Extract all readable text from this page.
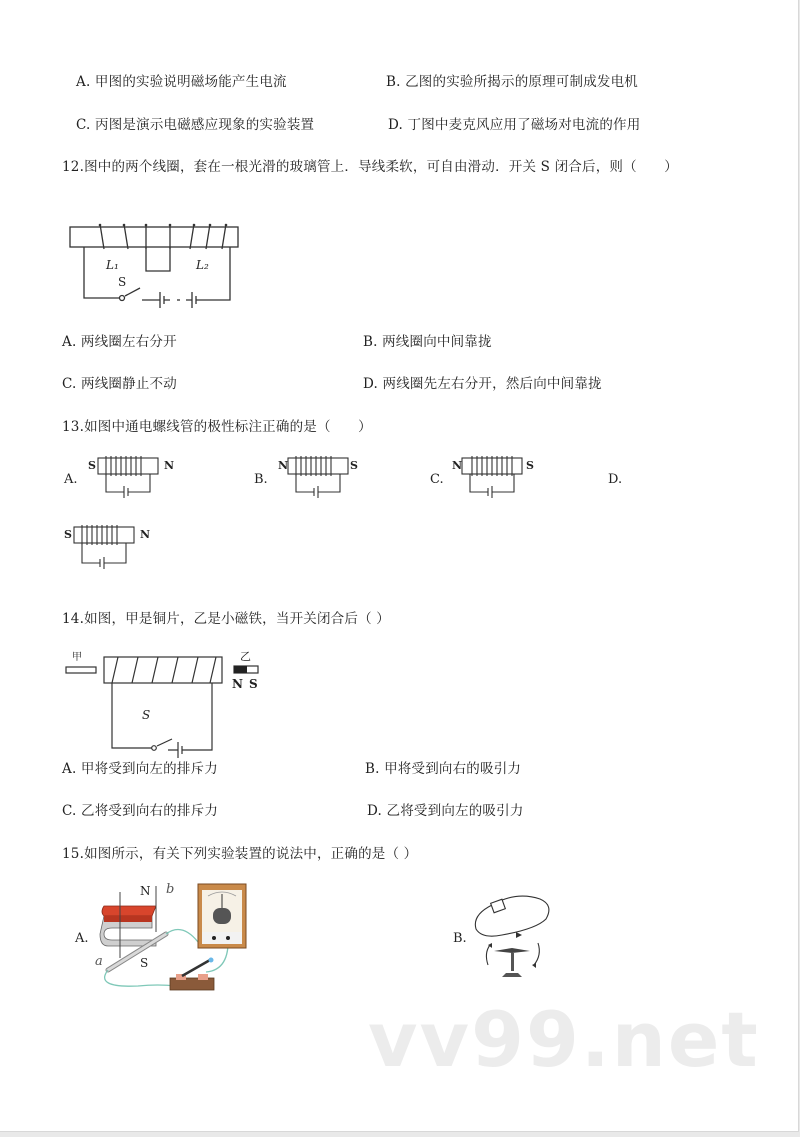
A. 甲图的实验说明磁场能产生电流	B. 乙图的实验所揭示的原理可制成发电机
C. 丙图是演示电磁感应现象的实验装置	D. 丁图中麦克风应用了磁场对电流的作用
12.图中的两个线圈，套在一根光滑的玻璃管上．导线柔软，可自由滑动．开关 S 闭合后，则（　　）
L₁	L₂
S
A. 两线圈左右分开	B. 两线圈向中间靠拢
C. 两线圈静止不动	D. 两线圈先左右分开，然后向中间靠拢
13.如图中通电螺线管的极性标注正确的是（　　）
A.
S	N
B.
N	S
C.
N	S
D.
S	N
14.如图，甲是铜片，乙是小磁铁，当开关闭合后（ ）
甲	乙
N S
S
A. 甲将受到向左的排斥力	B. 甲将受到向右的吸引力
C. 乙将受到向右的排斥力	D. 乙将受到向左的吸引力
15.如图所示，有关下列实验装置的说法中，正确的是（ ）
A.
N
S
a
b
B.
vv99.net
